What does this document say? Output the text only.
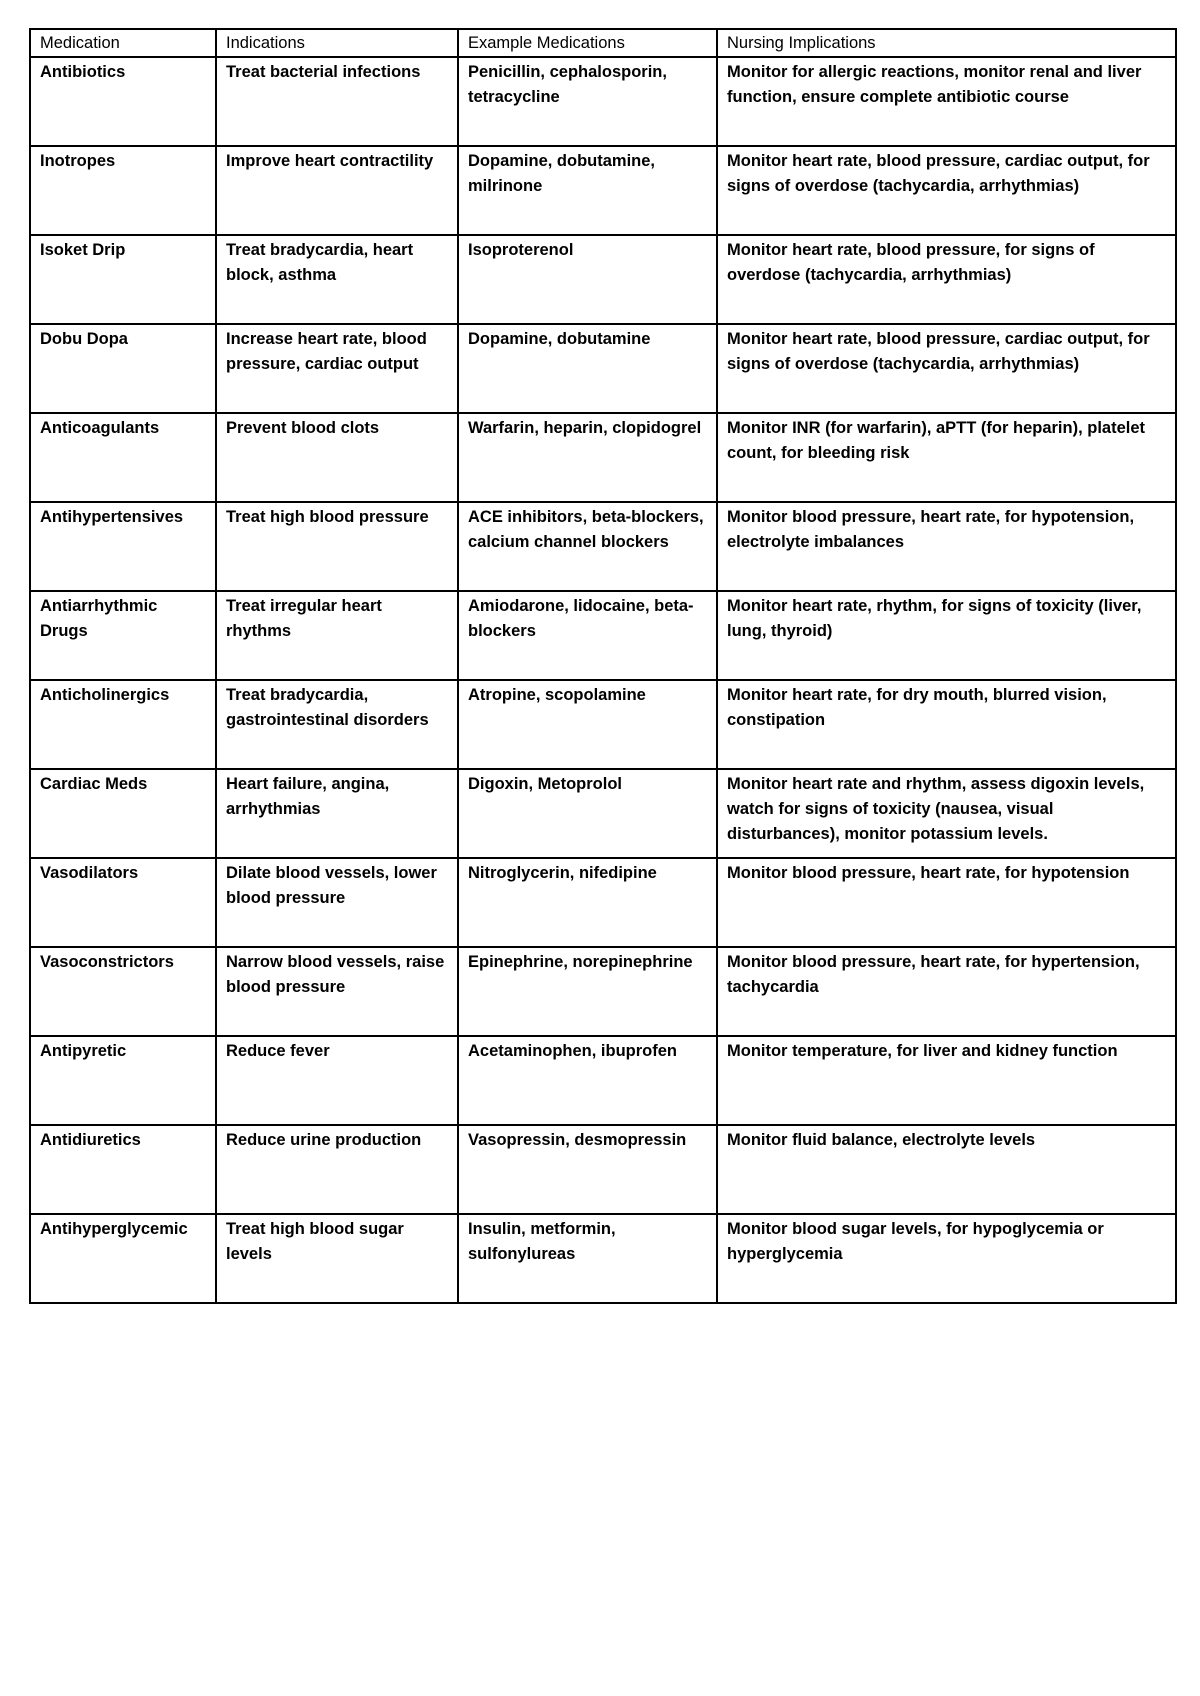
Medication	Indications	Example Medications	Nursing Implications
Antibiotics	Treat bacterial infections	Penicillin, cephalosporin, tetracycline	Monitor for allergic reactions, monitor renal and liver function, ensure complete antibiotic course
Inotropes	Improve heart contractility	Dopamine, dobutamine, milrinone	Monitor heart rate, blood pressure, cardiac output, for signs of overdose (tachycardia, arrhythmias)
Isoket Drip	Treat bradycardia, heart block, asthma	Isoproterenol	Monitor heart rate, blood pressure, for signs of overdose (tachycardia, arrhythmias)
Dobu Dopa	Increase heart rate, blood pressure, cardiac output	Dopamine, dobutamine	Monitor heart rate, blood pressure, cardiac output, for signs of overdose (tachycardia, arrhythmias)
Anticoagulants	Prevent blood clots	Warfarin, heparin, clopidogrel	Monitor INR (for warfarin), aPTT (for heparin), platelet count, for bleeding risk
Antihypertensives	Treat high blood pressure	ACE inhibitors, beta-blockers, calcium channel blockers	Monitor blood pressure, heart rate, for hypotension, electrolyte imbalances
Antiarrhythmic Drugs	Treat irregular heart rhythms	Amiodarone, lidocaine, beta-blockers	Monitor heart rate, rhythm, for signs of toxicity (liver, lung, thyroid)
Anticholinergics	Treat bradycardia, gastrointestinal disorders	Atropine, scopolamine	Monitor heart rate, for dry mouth, blurred vision, constipation
Cardiac Meds	Heart failure, angina, arrhythmias	Digoxin, Metoprolol	Monitor heart rate and rhythm, assess digoxin levels, watch for signs of toxicity (nausea, visual disturbances), monitor potassium levels.
Vasodilators	Dilate blood vessels, lower blood pressure	Nitroglycerin, nifedipine	Monitor blood pressure, heart rate, for hypotension
Vasoconstrictors	Narrow blood vessels, raise blood pressure	Epinephrine, norepinephrine	Monitor blood pressure, heart rate, for hypertension, tachycardia
Antipyretic	Reduce fever	Acetaminophen, ibuprofen	Monitor temperature, for liver and kidney function
Antidiuretics	Reduce urine production	Vasopressin, desmopressin	Monitor fluid balance, electrolyte levels
Antihyperglycemic	Treat high blood sugar levels	Insulin, metformin, sulfonylureas	Monitor blood sugar levels, for hypoglycemia or hyperglycemia
